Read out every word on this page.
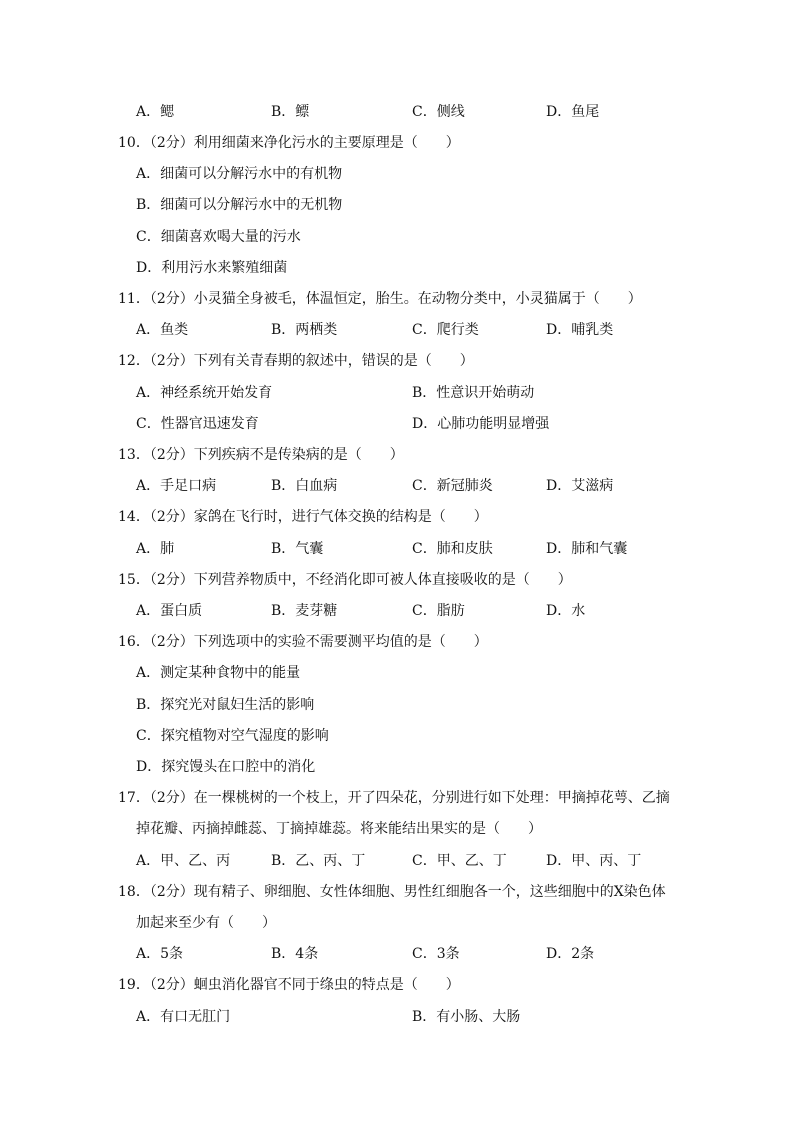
A．鳃	B．鳔	C．侧线	D．鱼尾
10．（2分）利用细菌来净化污水的主要原理是（　　）
A．细菌可以分解污水中的有机物
B．细菌可以分解污水中的无机物
C．细菌喜欢喝大量的污水
D．利用污水来繁殖细菌
11．（2分）小灵猫全身被毛，体温恒定，胎生。在动物分类中，小灵猫属于（　　）
A．鱼类	B．两栖类	C．爬行类	D．哺乳类
12．（2分）下列有关青春期的叙述中，错误的是（　　）
A．神经系统开始发育	B．性意识开始萌动
C．性器官迅速发育	D．心肺功能明显增强
13．（2分）下列疾病不是传染病的是（　　）
A．手足口病	B．白血病	C．新冠肺炎	D．艾滋病
14．（2分）家鸽在飞行时，进行气体交换的结构是（　　）
A．肺	B．气囊	C．肺和皮肤	D．肺和气囊
15．（2分）下列营养物质中，不经消化即可被人体直接吸收的是（　　）
A．蛋白质	B．麦芽糖	C．脂肪	D．水
16．（2分）下列选项中的实验不需要测平均值的是（　　）
A．测定某种食物中的能量
B．探究光对鼠妇生活的影响
C．探究植物对空气湿度的影响
D．探究馒头在口腔中的消化
17．（2分）在一棵桃树的一个枝上，开了四朵花，分别进行如下处理：甲摘掉花萼、乙摘
掉花瓣、丙摘掉雌蕊、丁摘掉雄蕊。将来能结出果实的是（　　）
A．甲、乙、丙	B．乙、丙、丁	C．甲、乙、丁	D．甲、丙、丁
18．（2分）现有精子、卵细胞、女性体细胞、男性红细胞各一个，这些细胞中的X染色体
加起来至少有（　　）
A．5条	B．4条	C．3条	D．2条
19．（2分）蛔虫消化器官不同于绦虫的特点是（　　）
A．有口无肛门	B．有小肠、大肠
